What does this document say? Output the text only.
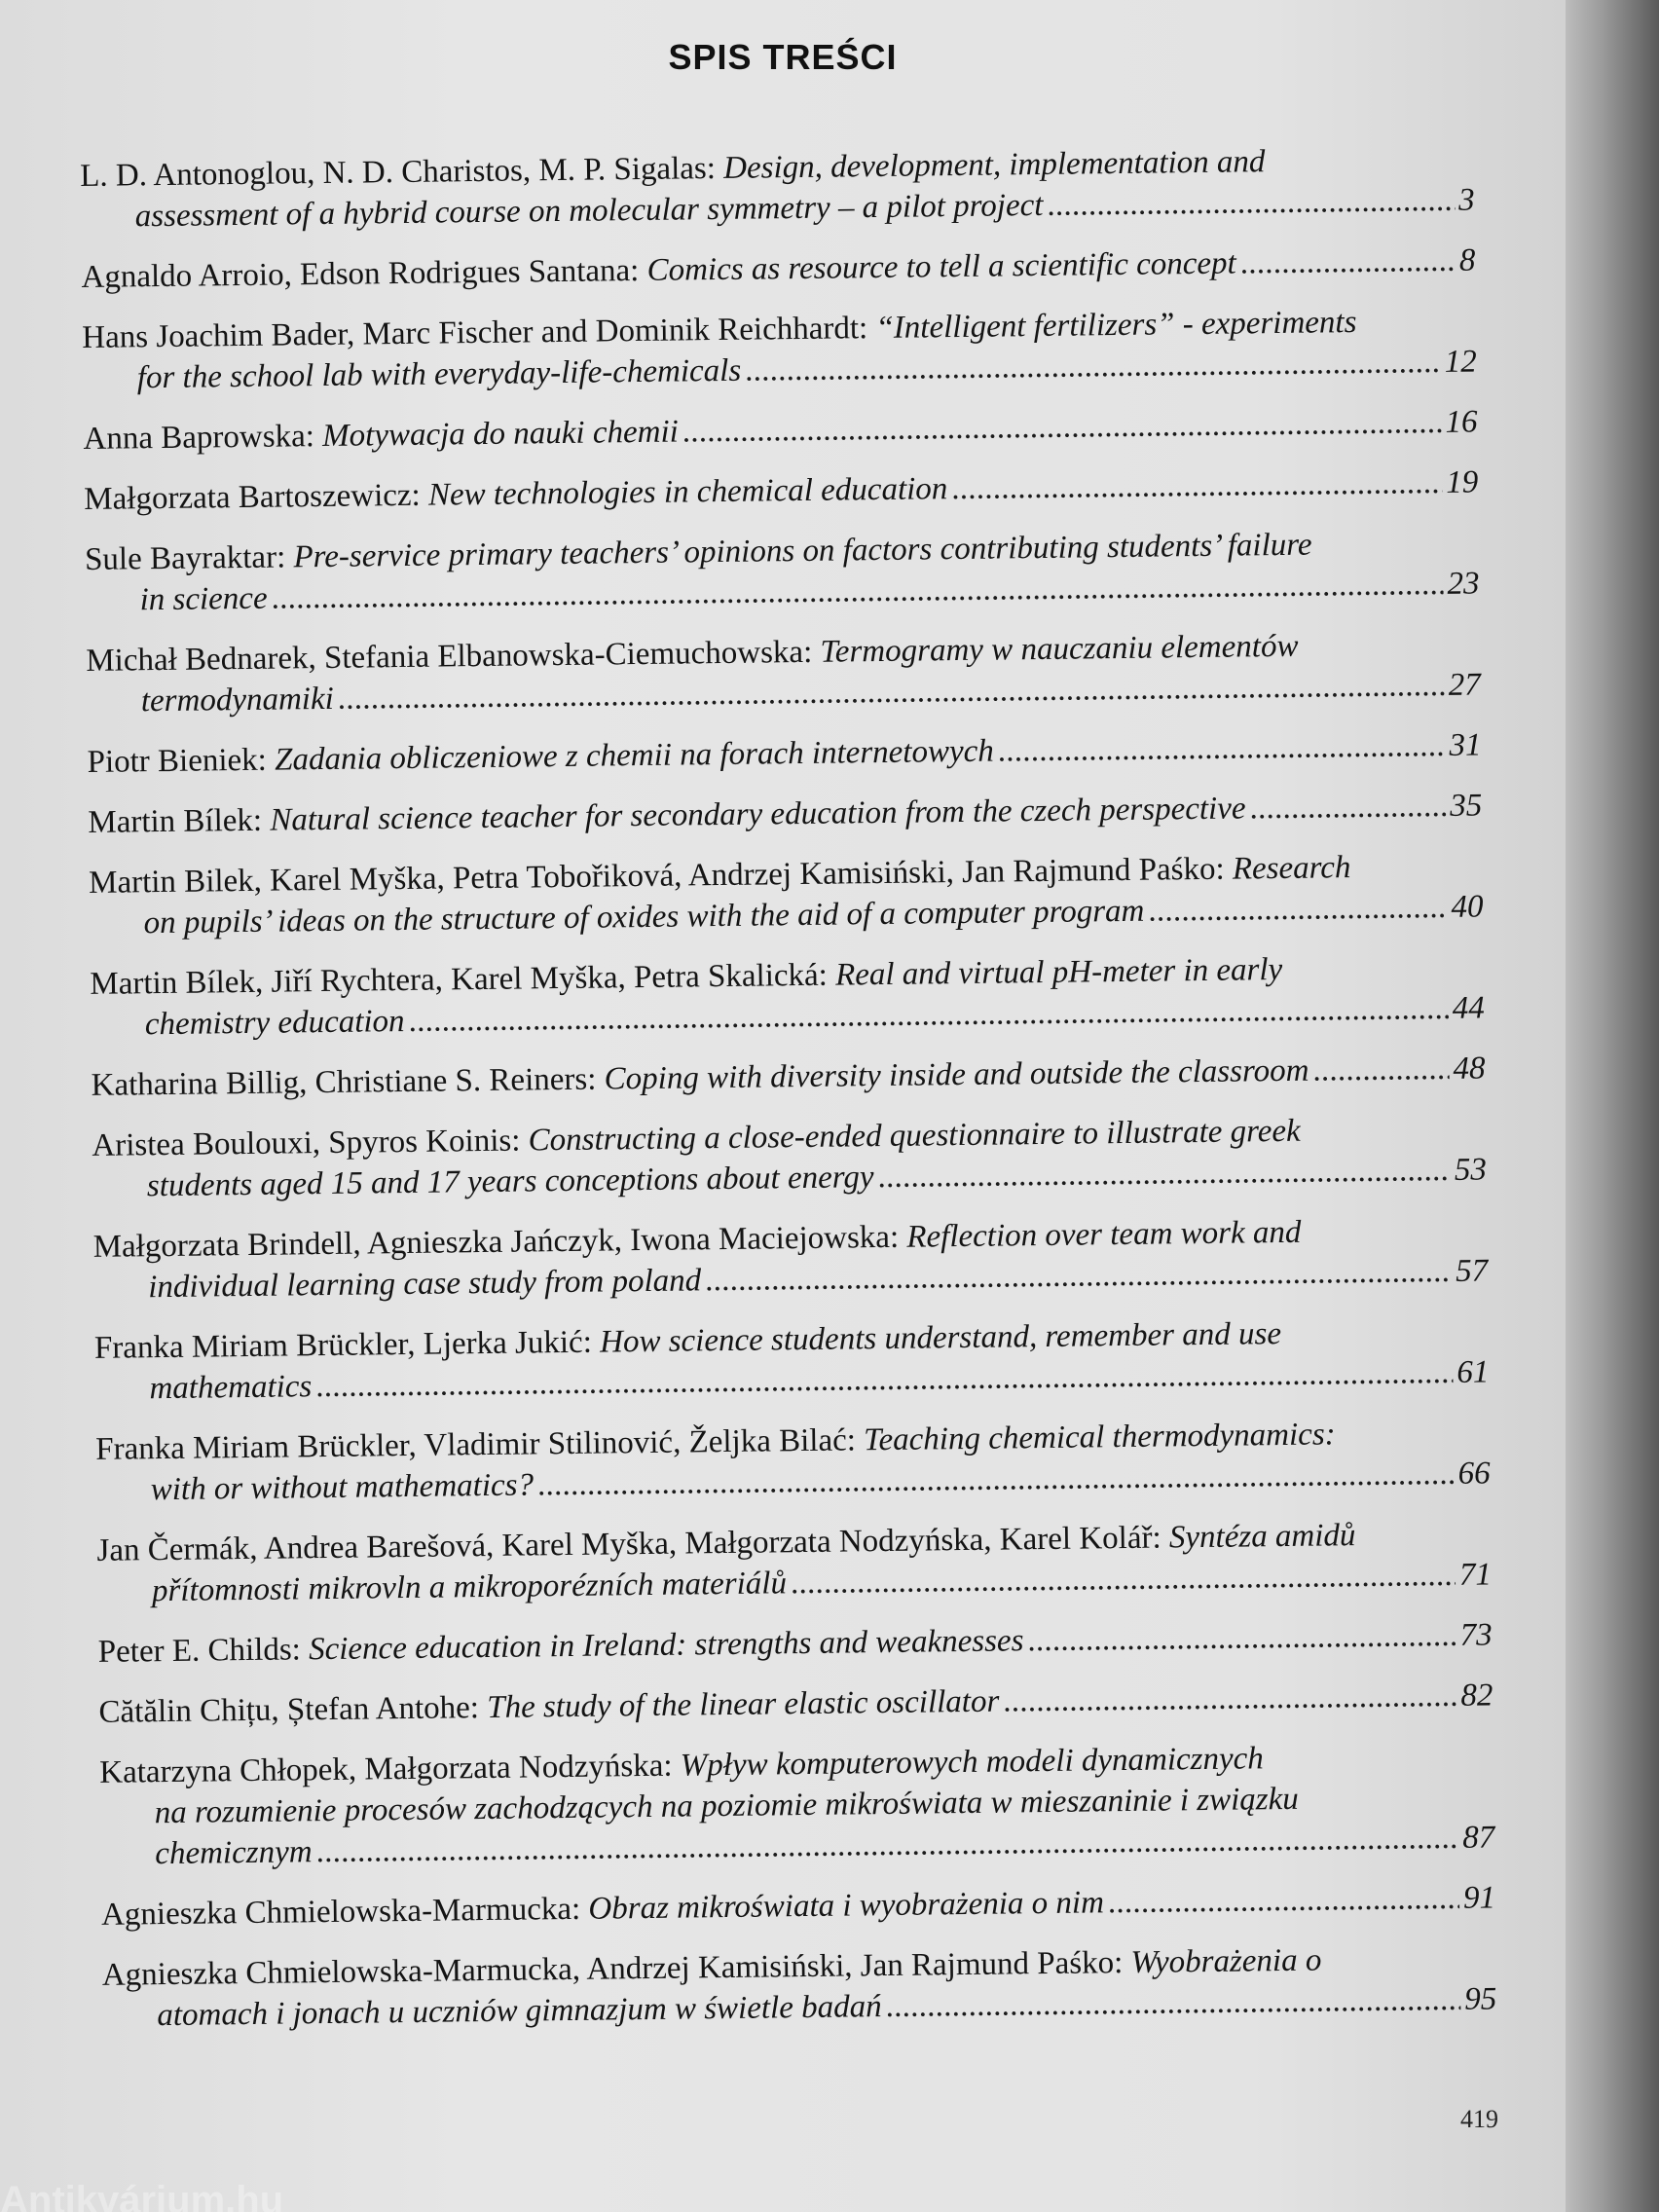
SPIS TREŚCI
L. D. Antonoglou, N. D. Charistos, M. P. Sigalas: Design, development, implementation and
assessment of a hybrid course on molecular symmetry – a pilot project . . .	3
Agnaldo Arroio, Edson Rodrigues Santana: Comics as resource to tell a scientific concept . . .	8
Hans Joachim Bader, Marc Fischer and Dominik Reichhardt: “Intelligent fertilizers” - experiments
for the school lab with everyday-life-chemicals . . .	12
Anna Baprowska: Motywacja do nauki chemii . . .	16
Małgorzata Bartoszewicz: New technologies in chemical education . . .	19
Sule Bayraktar: Pre-service primary teachers’ opinions on factors contributing students’ failure
in science . . .	23
Michał Bednarek, Stefania Elbanowska-Ciemuchowska: Termogramy w nauczaniu elementów
termodynamiki . . .	27
Piotr Bieniek: Zadania obliczeniowe z chemii na forach internetowych . . .	31
Martin Bílek: Natural science teacher for secondary education from the czech perspective . . .	35
Martin Bilek, Karel Myška, Petra Tobořiková, Andrzej Kamisiński, Jan Rajmund Paśko: Research
on pupils’ ideas on the structure of oxides with the aid of a computer program . . .	40
Martin Bílek, Jiří Rychtera, Karel Myška, Petra Skalická: Real and virtual pH-meter in early
chemistry education . . .	44
Katharina Billig, Christiane S. Reiners: Coping with diversity inside and outside the classroom . . .	48
Aristea Boulouxi, Spyros Koinis: Constructing a close-ended questionnaire to illustrate greek
students aged 15 and 17 years conceptions about energy . . .	53
Małgorzata Brindell, Agnieszka Jańczyk, Iwona Maciejowska: Reflection over team work and
individual learning case study from poland . . .	57
Franka Miriam Brückler, Ljerka Jukić: How science students understand, remember and use
mathematics . . .	61
Franka Miriam Brückler, Vladimir Stilinović, Željka Bilać: Teaching chemical thermodynamics:
with or without mathematics? . . .	66
Jan Čermák, Andrea Barešová, Karel Myška, Małgorzata Nodzyńska, Karel Kolář: Syntéza amidů
přítomnosti mikrovln a mikroporézních materiálů . . .	71
Peter E. Childs: Science education in Ireland: strengths and weaknesses . . .	73
Cătălin Chițu, Ștefan Antohe: The study of the linear elastic oscillator . . .	82
Katarzyna Chłopek, Małgorzata Nodzyńska: Wpływ komputerowych modeli dynamicznych
na rozumienie procesów zachodzących na poziomie mikroświata w mieszaninie i związku
chemicznym . . .	87
Agnieszka Chmielowska-Marmucka: Obraz mikroświata i wyobrażenia o nim . . .	91
Agnieszka Chmielowska-Marmucka, Andrzej Kamisiński, Jan Rajmund Paśko: Wyobrażenia o
atomach i jonach u uczniów gimnazjum w świetle badań . . .	95
419
Antikvárium.hu
